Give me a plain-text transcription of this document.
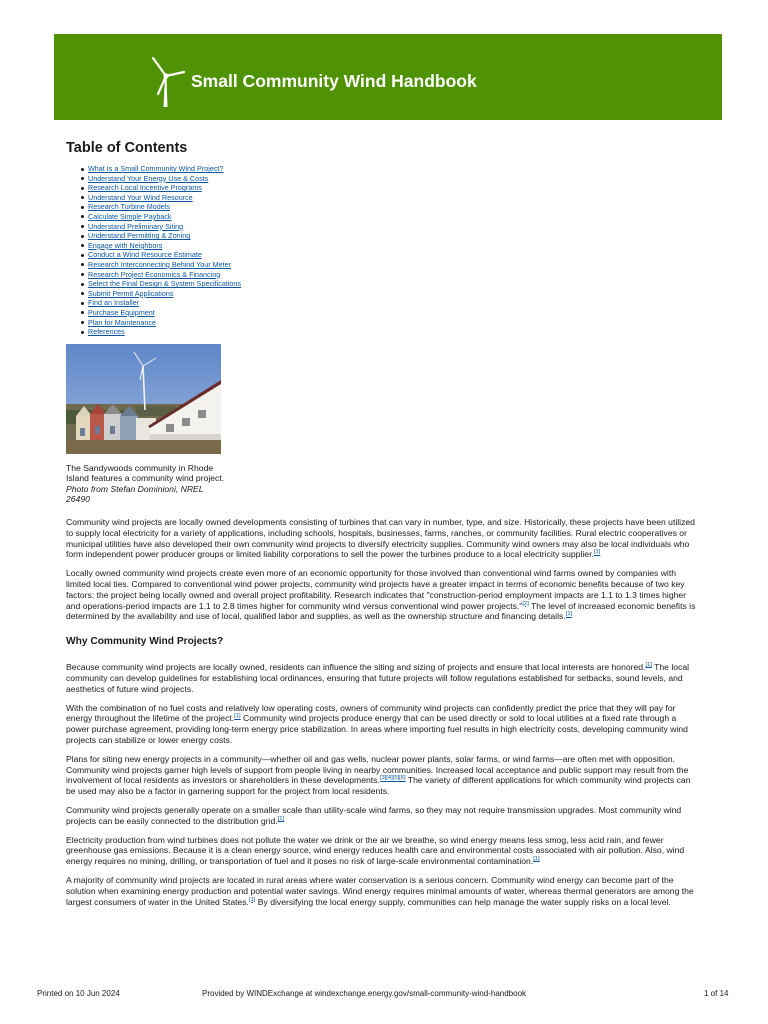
Small Community Wind Handbook
Table of Contents
What Is a Small Community Wind Project?
Understand Your Energy Use & Costs
Research Local Incentive Programs
Understand Your Wind Resource
Research Turbine Models
Calculate Simple Payback
Understand Preliminary Siting
Understand Permitting & Zoning
Engage with Neighbors
Conduct a Wind Resource Estimate
Research Interconnecting Behind Your Meter
Research Project Economics & Financing
Select the Final Design & System Specifications
Submit Permit Applications
Find an Installer
Purchase Equipment
Plan for Maintenance
References
The Sandywoods community in Rhode Island features a community wind project. Photo from Stefan Dominioni, NREL 26490

Community wind projects are locally owned developments consisting of turbines that can vary in number, type, and size. Historically, these projects have been utilized to supply local electricity for a variety of applications, including schools, hospitals, businesses, farms, ranches, or community facilities. Rural electric cooperatives or municipal utilities have also developed their own community wind projects to diversify electricity supplies. Community wind owners may also be local individuals who form independent power producer groups or limited liability corporations to sell the power the turbines produce to a local electricity supplier.[1]

Locally owned community wind projects create even more of an economic opportunity for those involved than conventional wind farms owned by companies with limited local ties. Compared to conventional wind power projects, community wind projects have a greater impact in terms of economic benefits because of two key factors: the project being locally owned and overall project profitability. Research indicates that "construction-period employment impacts are 1.1 to 1.3 times higher and operations-period impacts are 1.1 to 2.8 times higher for community wind versus conventional wind power projects."[2] The level of increased economic benefits is determined by the availability and use of local, qualified labor and supplies, as well as the ownership structure and financing details.[1]

Why Community Wind Projects?

Because community wind projects are locally owned, residents can influence the siting and sizing of projects and ensure that local interests are honored.[1] The local community can develop guidelines for establishing local ordinances, ensuring that future projects will follow regulations established for setbacks, sound levels, and aesthetics of future wind projects.

With the combination of no fuel costs and relatively low operating costs, owners of community wind projects can confidently predict the price that they will pay for energy throughout the lifetime of the project.[1] Community wind projects produce energy that can be used directly or sold to local utilities at a fixed rate through a power purchase agreement, providing long-term energy price stabilization. In areas where importing fuel results in high electricity costs, developing community wind projects can stabilize or lower energy costs.

Plans for siting new energy projects in a community—whether oil and gas wells, nuclear power plants, solar farms, or wind farms—are often met with opposition. Community wind projects garner high levels of support from people living in nearby communities. Increased local acceptance and public support may result from the involvement of local residents as investors or shareholders in these developments.[3][4][5][6] The variety of different applications for which community wind projects can be used may also be a factor in garnering support for the project from local residents.

Community wind projects generally operate on a smaller scale than utility-scale wind farms, so they may not require transmission upgrades. Most community wind projects can be easily connected to the distribution grid.[1]

Electricity production from wind turbines does not pollute the water we drink or the air we breathe, so wind energy means less smog, less acid rain, and fewer greenhouse gas emissions. Because it is a clean energy source, wind energy reduces health care and environmental costs associated with air pollution. Also, wind energy requires no mining, drilling, or transportation of fuel and it poses no risk of large-scale environmental contamination.[1]

A majority of community wind projects are located in rural areas where water conservation is a serious concern. Community wind energy can become part of the solution when examining energy production and potential water savings. Wind energy requires minimal amounts of water, whereas thermal generators are among the largest consumers of water in the United States.[1] By diversifying the local energy supply, communities can help manage the water supply risks on a local level.

Printed on 10 Jun 2024	Provided by WINDExchange at windexchange.energy.gov/small-community-wind-handbook	1 of 14
